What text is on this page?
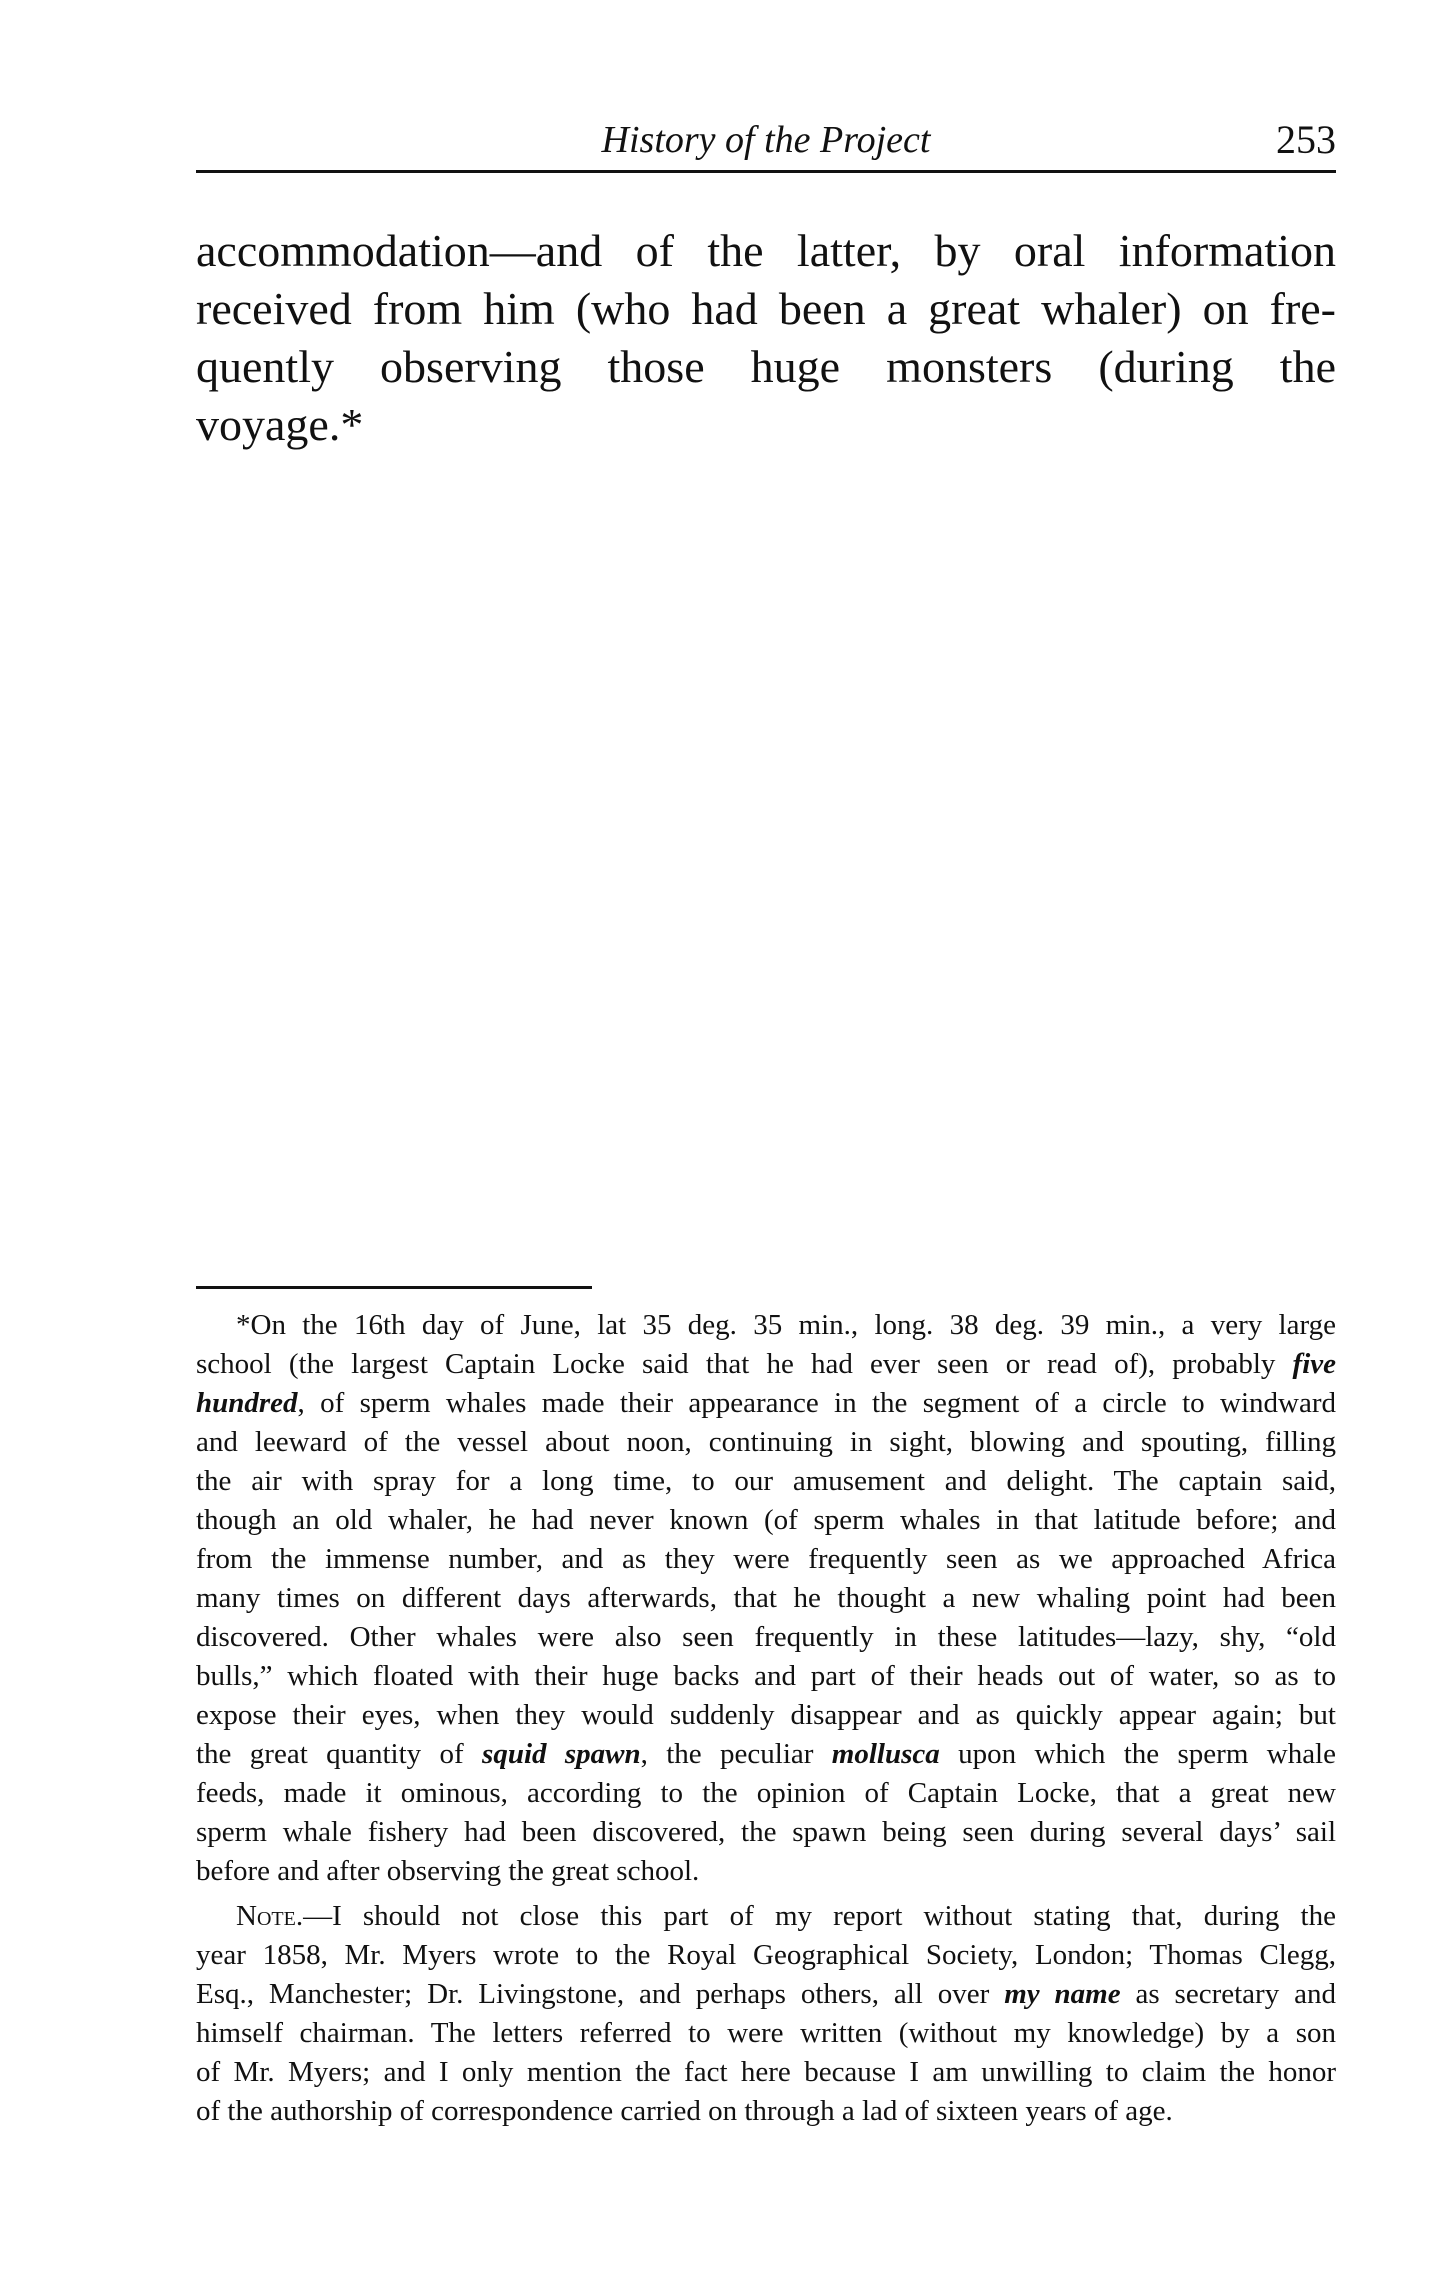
History of the Project	253
accommodation—and of the latter, by oral information
received from him (who had been a great whaler) on fre-
quently observing those huge monsters (during the
voyage.*
*On the 16th day of June, lat 35 deg. 35 min., long. 38 deg. 39 min., a very large
school (the largest Captain Locke said that he had ever seen or read of), probably five
hundred, of sperm whales made their appearance in the segment of a circle to windward
and leeward of the vessel about noon, continuing in sight, blowing and spouting, filling
the air with spray for a long time, to our amusement and delight. The captain said,
though an old whaler, he had never known (of sperm whales in that latitude before; and
from the immense number, and as they were frequently seen as we approached Africa
many times on different days afterwards, that he thought a new whaling point had been
discovered. Other whales were also seen frequently in these latitudes—lazy, shy, “old
bulls,” which floated with their huge backs and part of their heads out of water, so as to
expose their eyes, when they would suddenly disappear and as quickly appear again; but
the great quantity of squid spawn, the peculiar mollusca upon which the sperm whale
feeds, made it ominous, according to the opinion of Captain Locke, that a great new
sperm whale fishery had been discovered, the spawn being seen during several days’ sail
before and after observing the great school.
Note.—I should not close this part of my report without stating that, during the
year 1858, Mr. Myers wrote to the Royal Geographical Society, London; Thomas Clegg,
Esq., Manchester; Dr. Livingstone, and perhaps others, all over my name as secretary and
himself chairman. The letters referred to were written (without my knowledge) by a son
of Mr. Myers; and I only mention the fact here because I am unwilling to claim the honor
of the authorship of correspondence carried on through a lad of sixteen years of age.
